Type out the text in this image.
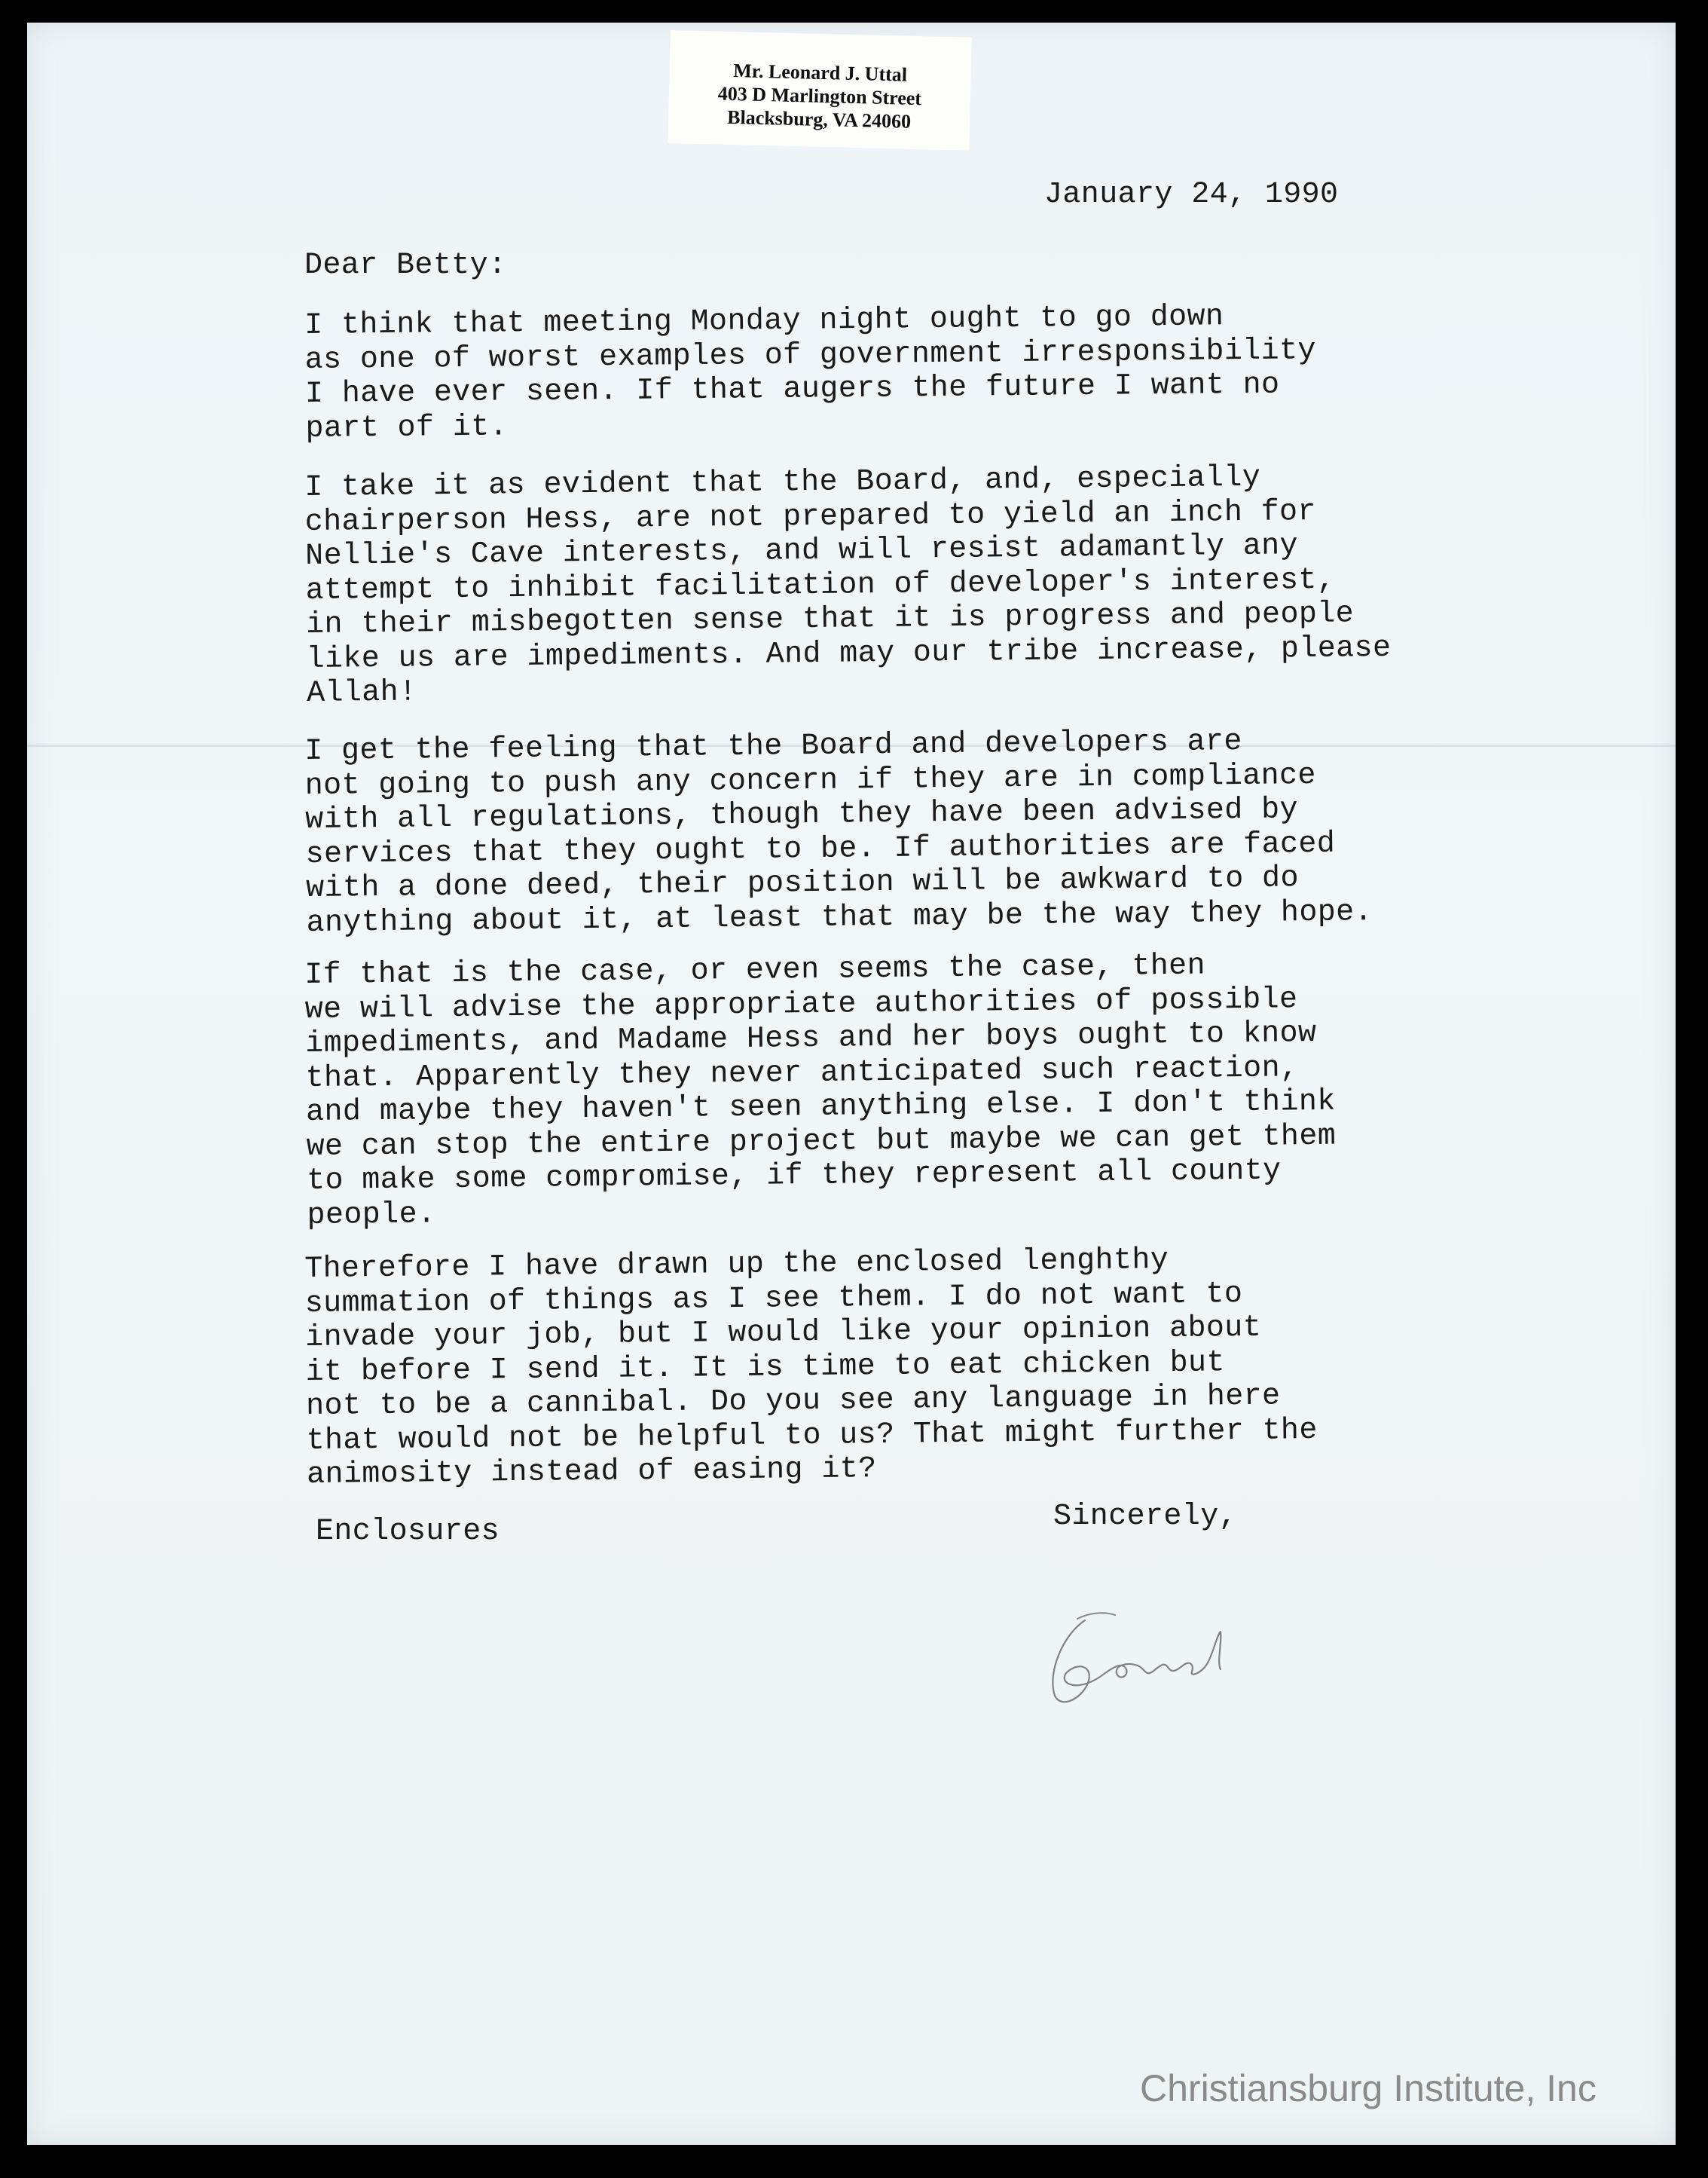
Mr. Leonard J. Uttal
403 D Marlington Street
Blacksburg, VA 24060
January 24, 1990
Dear Betty:
I think that meeting Monday night ought to go down
as one of worst examples of government irresponsibility
I have ever seen. If that augers the future I want no
part of it.
I take it as evident that the Board, and, especially
chairperson Hess, are not prepared to yield an inch for
Nellie's Cave interests, and will resist adamantly any
attempt to inhibit facilitation of developer's interest,
in their misbegotten sense that it is progress and people
like us are impediments. And may our tribe increase, please
Allah!
I get the feeling that the Board and developers are
not going to push any concern if they are in compliance
with all regulations, though they have been advised by
services that they ought to be. If authorities are faced
with a done deed, their position will be awkward to do
anything about it, at least that may be the way they hope.
If that is the case, or even seems the case, then
we will advise the appropriate authorities of possible
impediments, and Madame Hess and her boys ought to know
that. Apparently they never anticipated such reaction,
and maybe they haven't seen anything else. I don't think
we can stop the entire project but maybe we can get them
to make some compromise, if they represent all county
people.
Therefore I have drawn up the enclosed lenghthy
summation of things as I see them. I do not want to
invade your job, but I would like your opinion about
it before I send it. It is time to eat chicken but
not to be a cannibal. Do you see any language in here
that would not be helpful to us? That might further the
animosity instead of easing it?
Enclosures	Sincerely,
Christiansburg Institute, Inc
